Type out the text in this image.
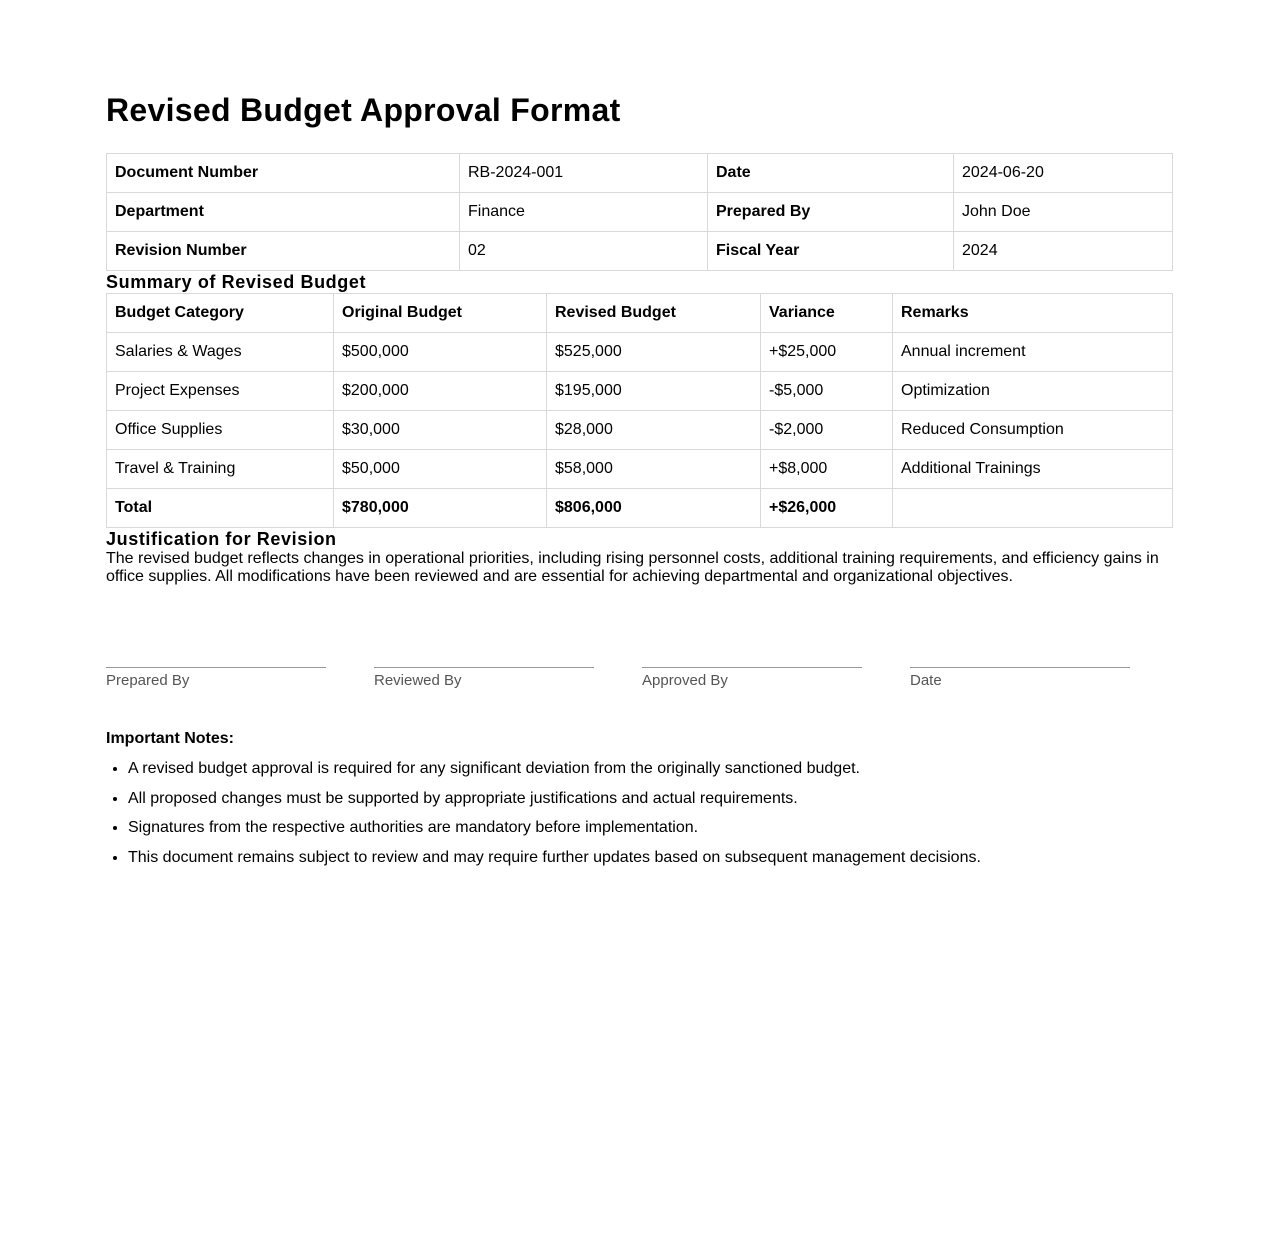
Revised Budget Approval Format
Document Number	RB-2024-001	Date	2024-06-20
Department	Finance	Prepared By	John Doe
Revision Number	02	Fiscal Year	2024
Summary of Revised Budget
Budget Category	Original Budget	Revised Budget	Variance	Remarks
Salaries & Wages	$500,000	$525,000	+$25,000	Annual increment
Project Expenses	$200,000	$195,000	-$5,000	Optimization
Office Supplies	$30,000	$28,000	-$2,000	Reduced Consumption
Travel & Training	$50,000	$58,000	+$8,000	Additional Trainings
Total	$780,000	$806,000	+$26,000	
Justification for Revision

The revised budget reflects changes in operational priorities, including rising personnel costs, additional training requirements, and efficiency gains in office supplies. All modifications have been reviewed and are essential for achieving departmental and organizational objectives.

Prepared By	Reviewed By	Approved By	Date
Important Notes:
• A revised budget approval is required for any significant deviation from the originally sanctioned budget.
• All proposed changes must be supported by appropriate justifications and actual requirements.
• Signatures from the respective authorities are mandatory before implementation.
• This document remains subject to review and may require further updates based on subsequent management decisions.
